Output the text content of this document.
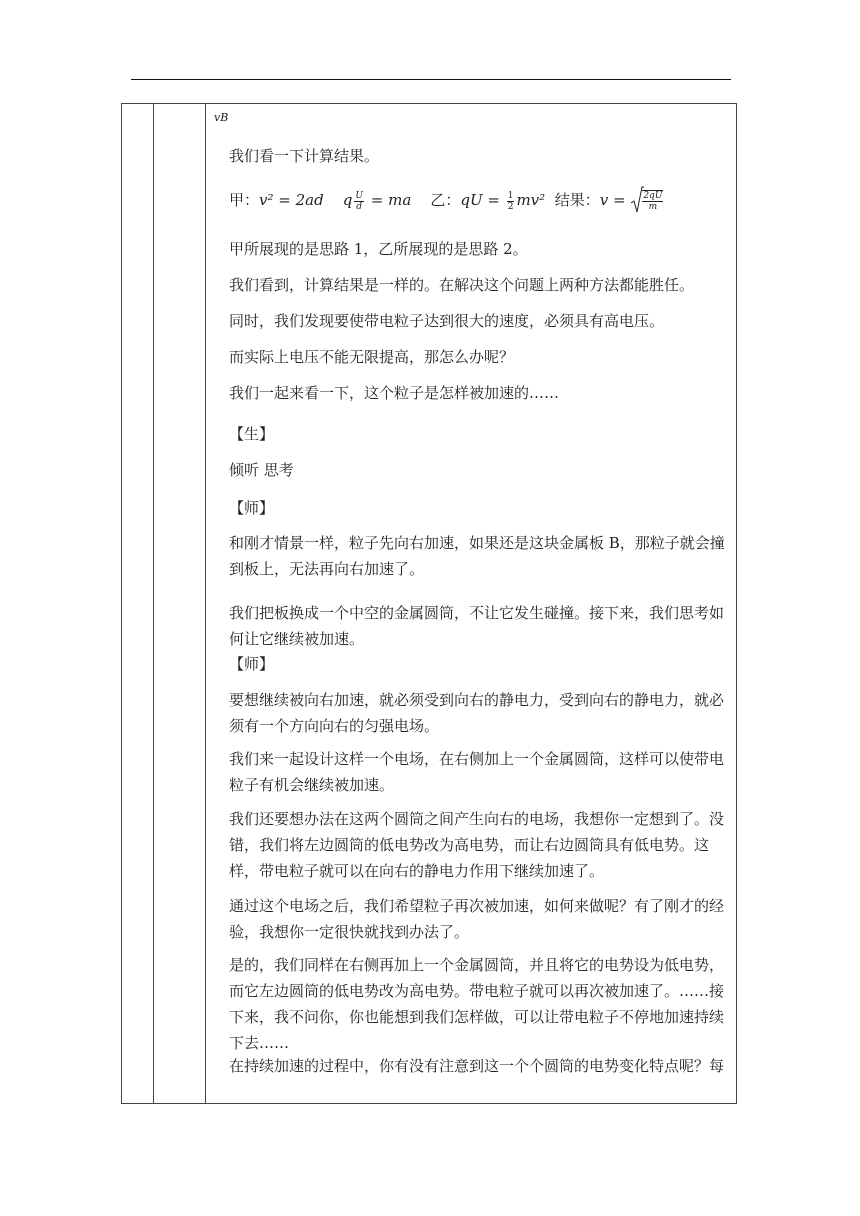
vB

我们看一下计算结果。

甲：v² = 2ad q $\frac{U}{d}$ = ma 乙：qU = $\frac{1}{2} mv^2$ 结果：$v = \frac{2qU}{m}$

甲所展现的是思路 1，乙所展现的是思路 2。

我们看到，计算结果是一样的。在解决这个问题上两种方法都能胜任。

同时，我们发现要使带电粒子达到很大的速度，必须具有高电压。

而实际上电压不能无限提高，那怎么办呢？

我们一起来看一下，这个粒子是怎样被加速的……

【生】

倾听 思考

【师】

和刚才情景一样，粒子先向右加速，如果还是这块金属板 B，那粒子就会撞到板上，无法再向右加速了。

我们把板换成一个中空的金属圆筒，不让它发生碰撞。接下来，我们思考如何让它继续被加速。

【师】

要想继续被向右加速，就必须受到向右的静电力，受到向右的静电力，就必须有一个方向向右的匀强电场。

我们来一起设计这样一个电场，在右侧加上一个金属圆筒，这样可以使带电粒子有机会继续被加速。

我们还要想办法在这两个圆筒之间产生向右的电场，我想你一定想到了。没错，我们将左边圆筒的低电势改为高电势，而让右边圆筒具有低电势。这样，带电粒子就可以在向右的静电力作用下继续加速了。

通过这个电场之后，我们希望粒子再次被加速，如何来做呢？有了刚才的经验，我想你一定很快就找到办法了。

是的，我们同样在右侧再加上一个金属圆筒，并且将它的电势设为低电势，而它左边圆筒的低电势改为高电势。带电粒子就可以再次被加速了。……接下来，我不问你，你也能想到我们怎样做，可以让带电粒子不停地加速持续下去……

在持续加速的过程中，你有没有注意到这一个个圆筒的电势变化特点呢？每
